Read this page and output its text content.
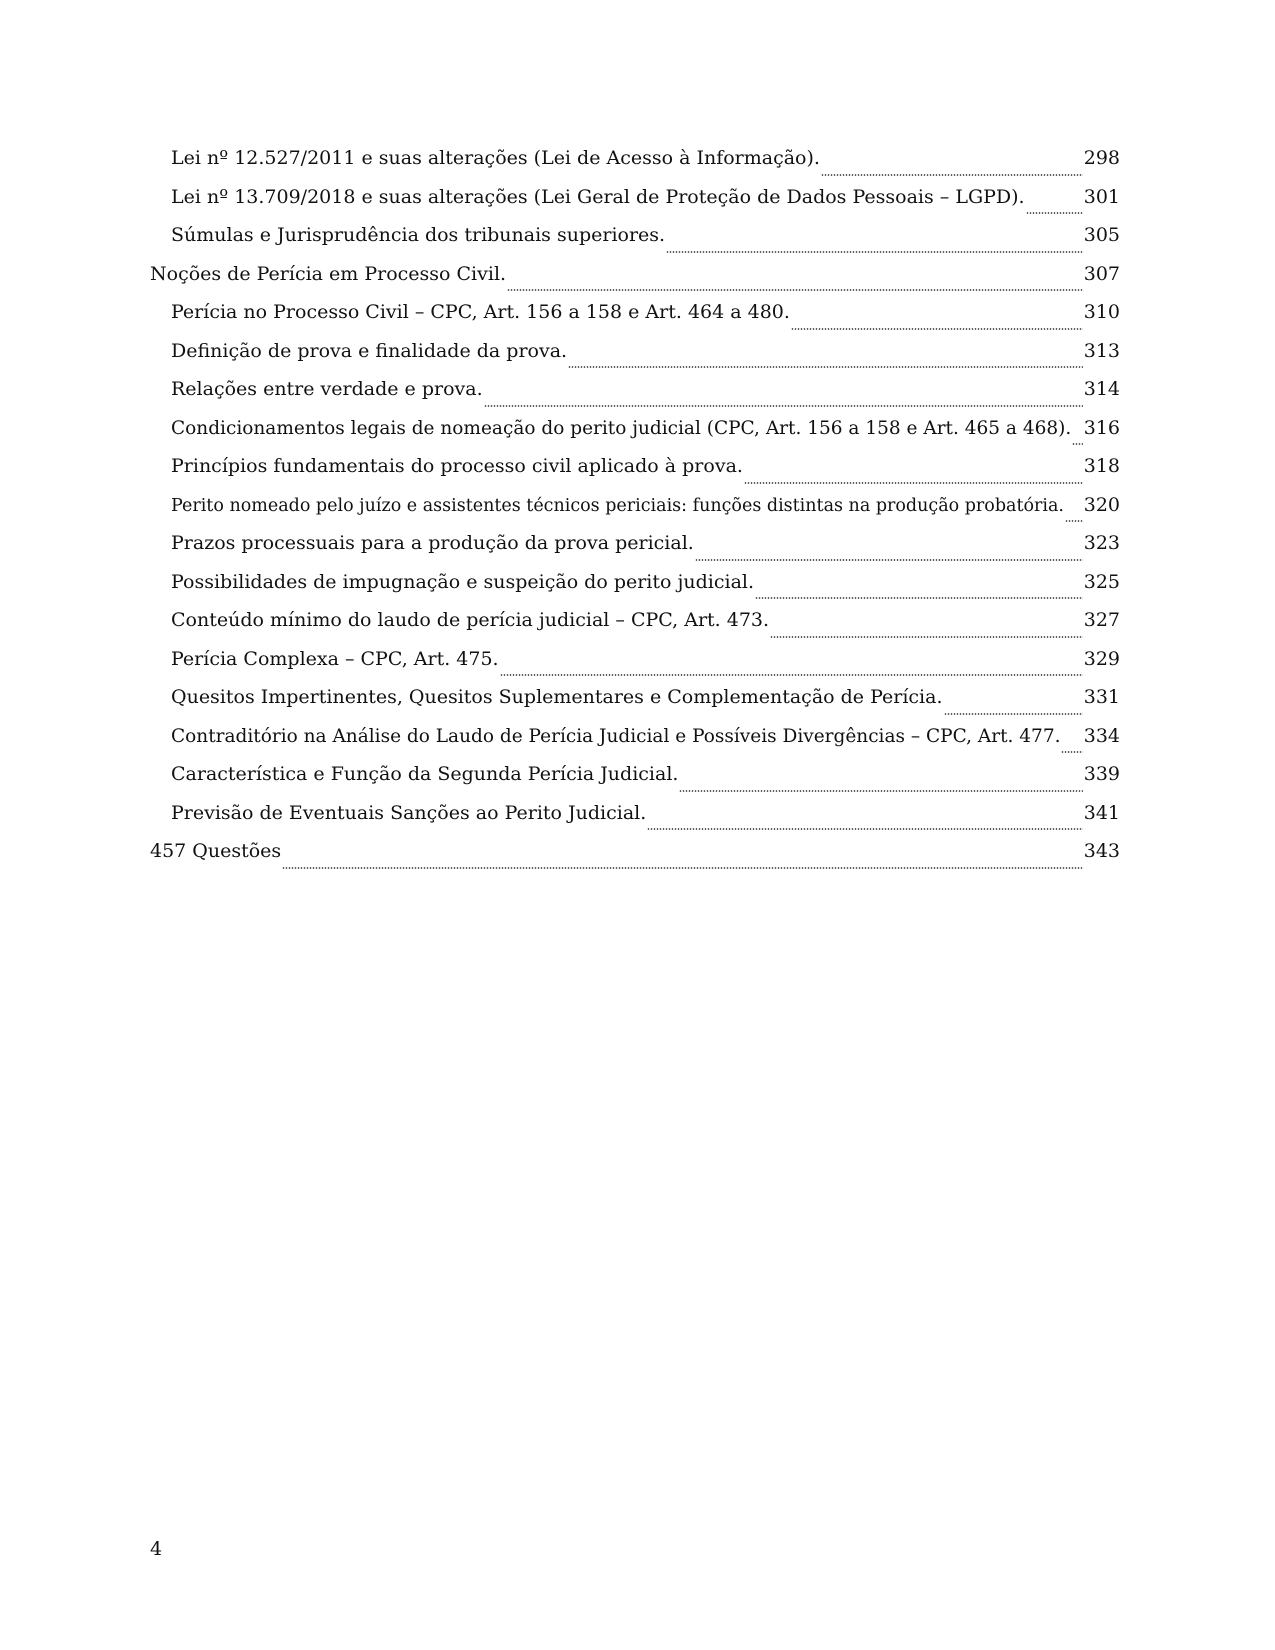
Lei nº 12.527/2011 e suas alterações (Lei de Acesso à Informação).	298
Lei nº 13.709/2018 e suas alterações (Lei Geral de Proteção de Dados Pessoais – LGPD).	301
Súmulas e Jurisprudência dos tribunais superiores.	305
Noções de Perícia em Processo Civil.	307
Perícia no Processo Civil – CPC, Art. 156 a 158 e Art. 464 a 480.	310
Definição de prova e finalidade da prova.	313
Relações entre verdade e prova.	314
Condicionamentos legais de nomeação do perito judicial (CPC, Art. 156 a 158 e Art. 465 a 468). 316
Princípios fundamentais do processo civil aplicado à prova.	318
Perito nomeado pelo juízo e assistentes técnicos periciais: funções distintas na produção probatória. 320
Prazos processuais para a produção da prova pericial.	323
Possibilidades de impugnação e suspeição do perito judicial.	325
Conteúdo mínimo do laudo de perícia judicial – CPC, Art. 473.	327
Perícia Complexa – CPC, Art. 475.	329
Quesitos Impertinentes, Quesitos Suplementares e Complementação de Perícia.	331
Contraditório na Análise do Laudo de Perícia Judicial e Possíveis Divergências – CPC, Art. 477. 334
Característica e Função da Segunda Perícia Judicial.	339
Previsão de Eventuais Sanções ao Perito Judicial.	341
457 Questões	343
4
